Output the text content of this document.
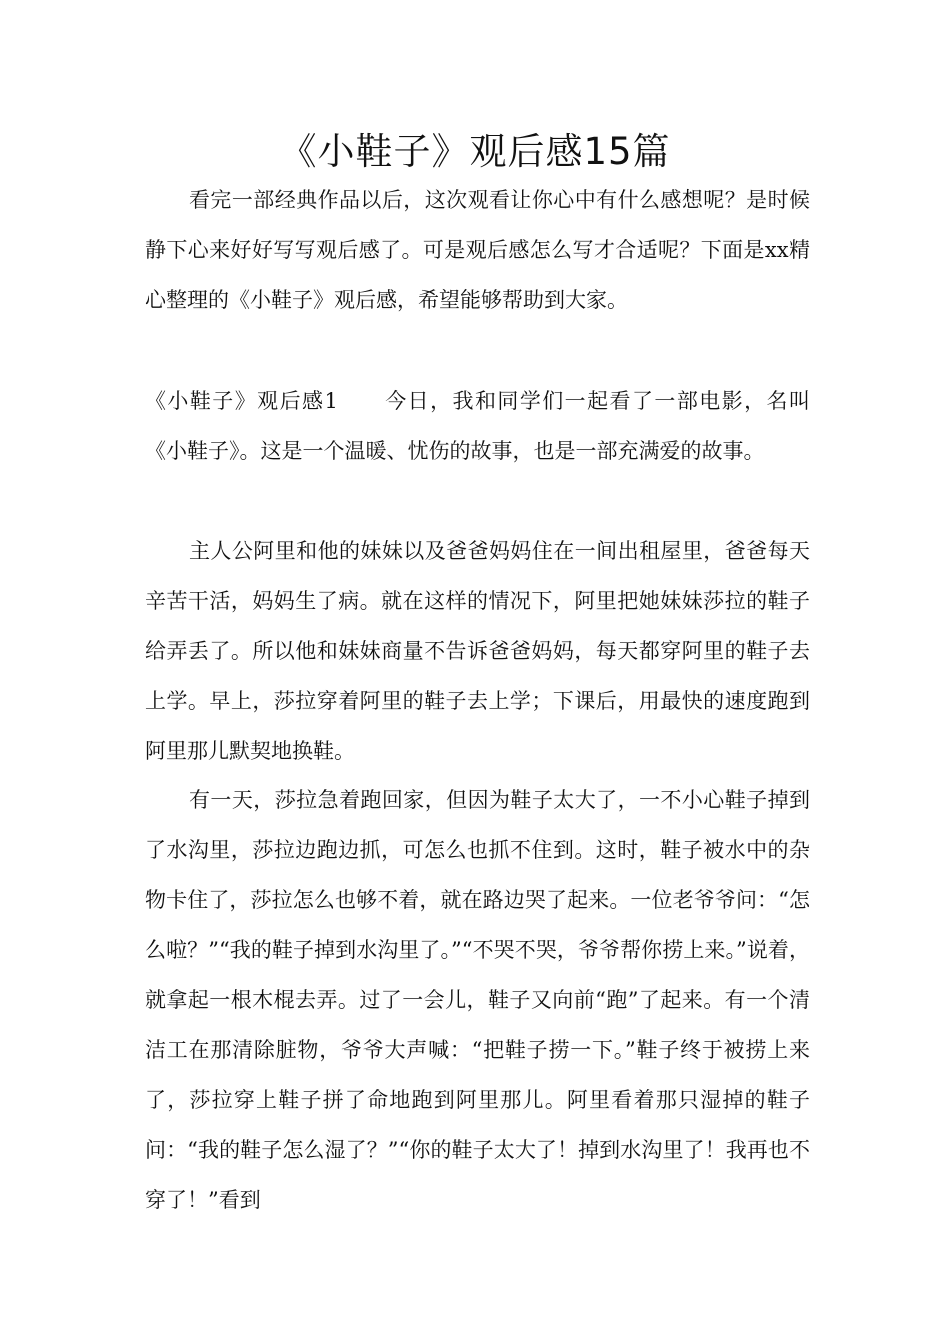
《小鞋子》观后感15篇

看完一部经典作品以后，这次观看让你心中有什么感想呢？是时候静下心来好好写写观后感了。可是观后感怎么写才合适呢？下面是xx精心整理的《小鞋子》观后感，希望能够帮助到大家。

《小鞋子》观后感1 今日，我和同学们一起看了一部电影，名叫《小鞋子》。这是一个温暖、忧伤的故事，也是一部充满爱的故事。

主人公阿里和他的妹妹以及爸爸妈妈住在一间出租屋里，爸爸每天辛苦干活，妈妈生了病。就在这样的情况下，阿里把她妹妹莎拉的鞋子给弄丢了。所以他和妹妹商量不告诉爸爸妈妈，每天都穿阿里的鞋子去上学。早上，莎拉穿着阿里的鞋子去上学；下课后，用最快的速度跑到阿里那儿默契地换鞋。

有一天，莎拉急着跑回家，但因为鞋子太大了，一不小心鞋子掉到了水沟里，莎拉边跑边抓，可怎么也抓不住到。这时，鞋子被水中的杂物卡住了，莎拉怎么也够不着，就在路边哭了起来。一位老爷爷问：“怎么啦？”“我的鞋子掉到水沟里了。”“不哭不哭，爷爷帮你捞上来。”说着，就拿起一根木棍去弄。过了一会儿，鞋子又向前“跑”了起来。有一个清洁工在那清除脏物，爷爷大声喊：“把鞋子捞一下。”鞋子终于被捞上来了，莎拉穿上鞋子拼了命地跑到阿里那儿。阿里看着那只湿掉的鞋子问：“我的鞋子怎么湿了？”“你的鞋子太大了！掉到水沟里了！我再也不穿了！”看到
